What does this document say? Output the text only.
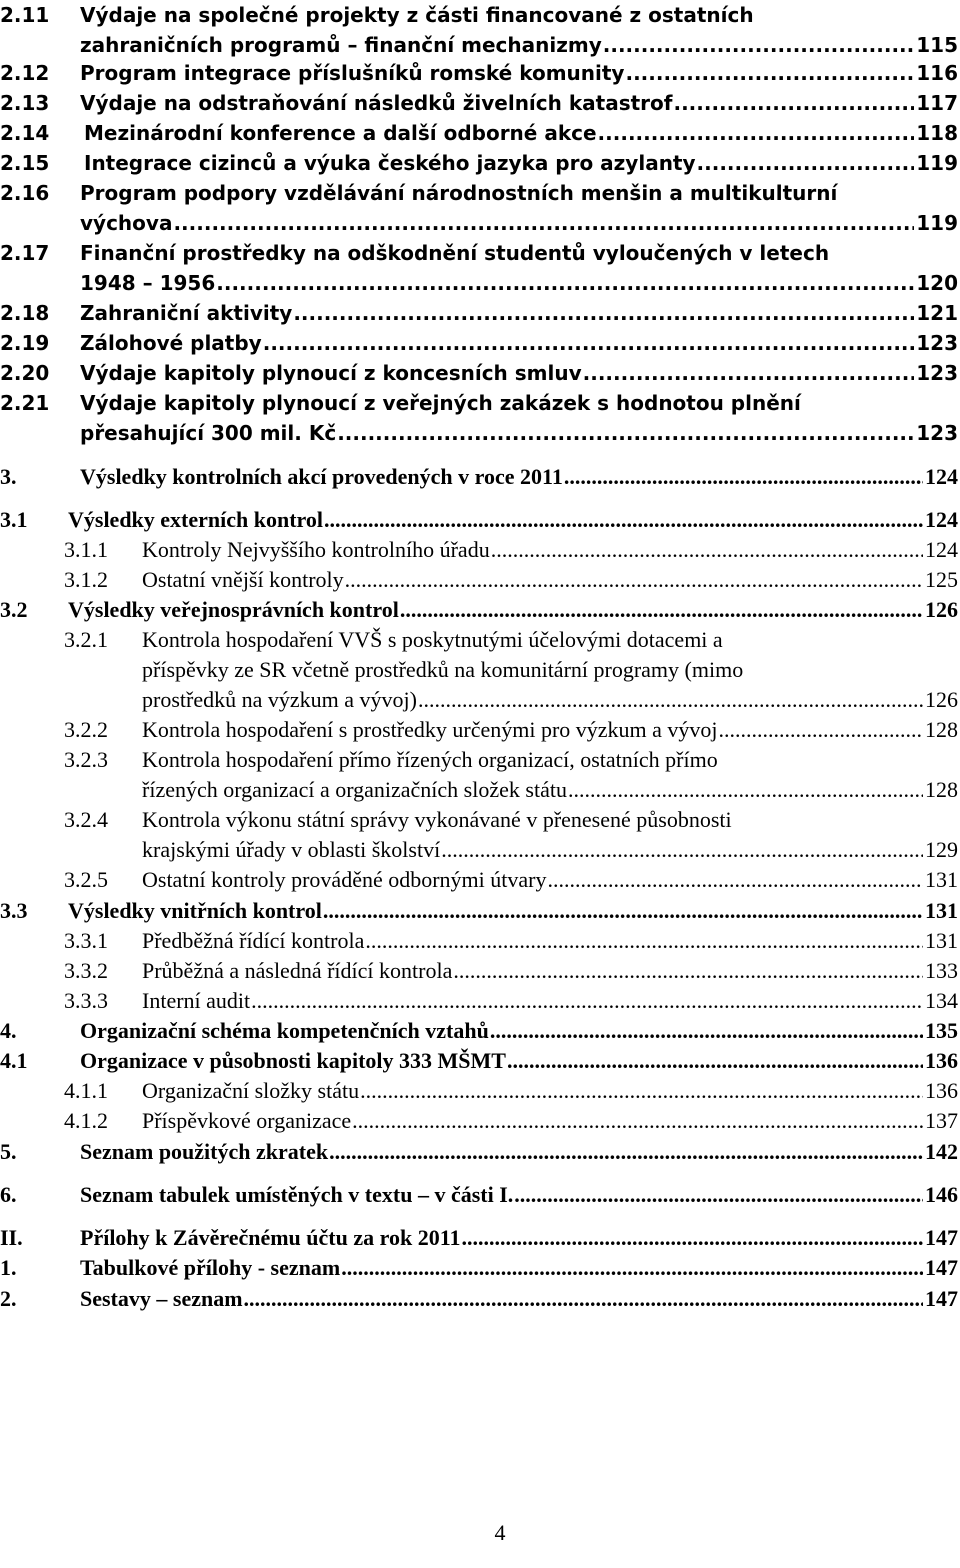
2.11 Výdaje na společné projekty z části financované z ostatních
zahraničních programů – finanční mechanizmy .....	115
2.12 Program integrace příslušníků romské komunity .....	116
2.13 Výdaje na odstraňování následků živelních katastrof .....	117
2.14 Mezinárodní konference a další odborné akce .....	118
2.15 Integrace cizinců a výuka českého jazyka pro azylanty .....	119
2.16 Program podpory vzdělávání národnostních menšin a multikulturní
výchova .....	119
2.17 Finanční prostředky na odškodnění studentů vyloučených v letech
1948 – 1956 .....	120
2.18 Zahraniční aktivity .....	121
2.19 Zálohové platby .....	123
2.20 Výdaje kapitoly plynoucí z koncesních smluv .....	123
2.21 Výdaje kapitoly plynoucí z veřejných zakázek s hodnotou plnění
přesahující 300 mil. Kč .....	123
3.	Výsledky kontrolních akcí provedených v roce 2011 .....	124
3.1 Výsledky externích kontrol .....	124
3.1.1 Kontroly Nejvyššího kontrolního úřadu .....	124
3.1.2 Ostatní vnější kontroly .....	125
3.2 Výsledky veřejnosprávních kontrol .....	126
3.2.1 Kontrola hospodaření VVŠ s poskytnutými účelovými dotacemi a
příspěvky ze SR včetně prostředků na komunitární programy (mimo
prostředků na výzkum a vývoj) .....	126
3.2.2 Kontrola hospodaření s prostředky určenými pro výzkum a vývoj .....	128
3.2.3 Kontrola hospodaření přímo řízených organizací, ostatních přímo
řízených organizací a organizačních složek státu .....	128
3.2.4 Kontrola výkonu státní správy vykonávané v přenesené působnosti
krajskými úřady v oblasti školství .....	129
3.2.5 Ostatní kontroly prováděné odbornými útvary .....	131
3.3 Výsledky vnitřních kontrol .....	131
3.3.1 Předběžná řídící kontrola .....	131
3.3.2 Průběžná a následná řídící kontrola .....	133
3.3.3 Interní audit .....	134
4.	Organizační schéma kompetenčních vztahů .....	135
4.1 Organizace v působnosti kapitoly 333 MŠMT .....	136
4.1.1 Organizační složky státu .....	136
4.1.2 Příspěvkové organizace .....	137
5.	Seznam použitých zkratek .....	142
6.	Seznam tabulek umístěných v textu – v části I. .....	146
II.	Přílohy k Závěrečnému účtu za rok 2011 .....	147
1.	Tabulkové přílohy - seznam .....	147
2.	Sestavy – seznam .....	147
4
